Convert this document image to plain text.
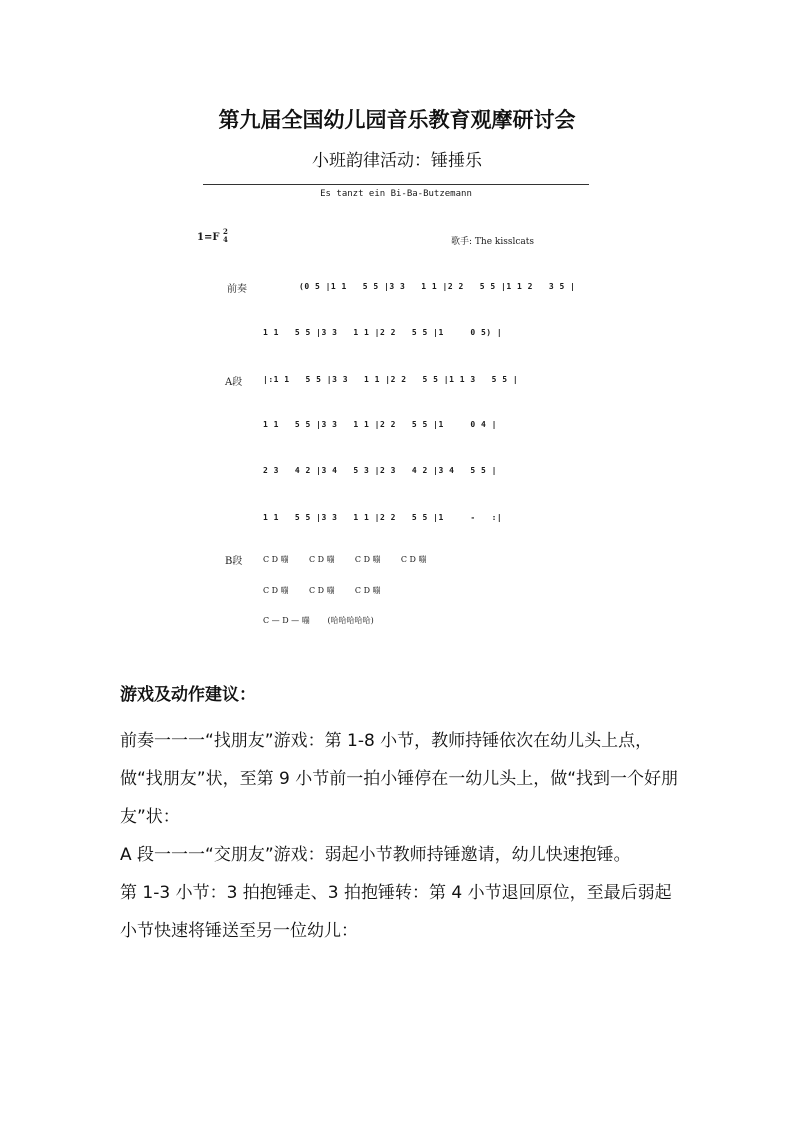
第九届全国幼儿园音乐教育观摩研讨会
小班韵律活动：锤捶乐
Es tanzt ein Bi-Ba-Butzemann
1=F
2
4	歌手: The kisslcats
前奏	(0 5 |1 1   5 5 |3 3   1 1 |2 2   5 5 |1 1 2   3 5 |
1 1   5 5 |3 3   1 1 |2 2   5 5 |1     0 5) |
A段	|:1 1   5 5 |3 3   1 1 |2 2   5 5 |1 1 3   5 5 |
1 1   5 5 |3 3   1 1 |2 2   5 5 |1     0 4 |
2 3   4 2 |3 4   5 3 |2 3   4 2 |3 4   5 5 |
1 1   5 5 |3 3   1 1 |2 2   5 5 |1     -   :|
B段	C D 嘣        C D 嘣        C D 嘣        C D 嘣
C D 嘣        C D 嘣        C D 嘣
C — D — 嘣       (哈哈哈哈哈)
游戏及动作建议：

前奏一一一“找朋友”游戏：第 1-8 小节，教师持锤依次在幼儿头上点，做“找朋友”状，至第 9 小节前一拍小锤停在一幼儿头上，做“找到一个好朋友”状：

A 段一一一“交朋友”游戏：弱起小节教师持锤邀请，幼儿快速抱锤。

第 1-3 小节：3 拍抱锤走、3 拍抱锤转：第 4 小节退回原位，至最后弱起小节快速将锤送至另一位幼儿：
